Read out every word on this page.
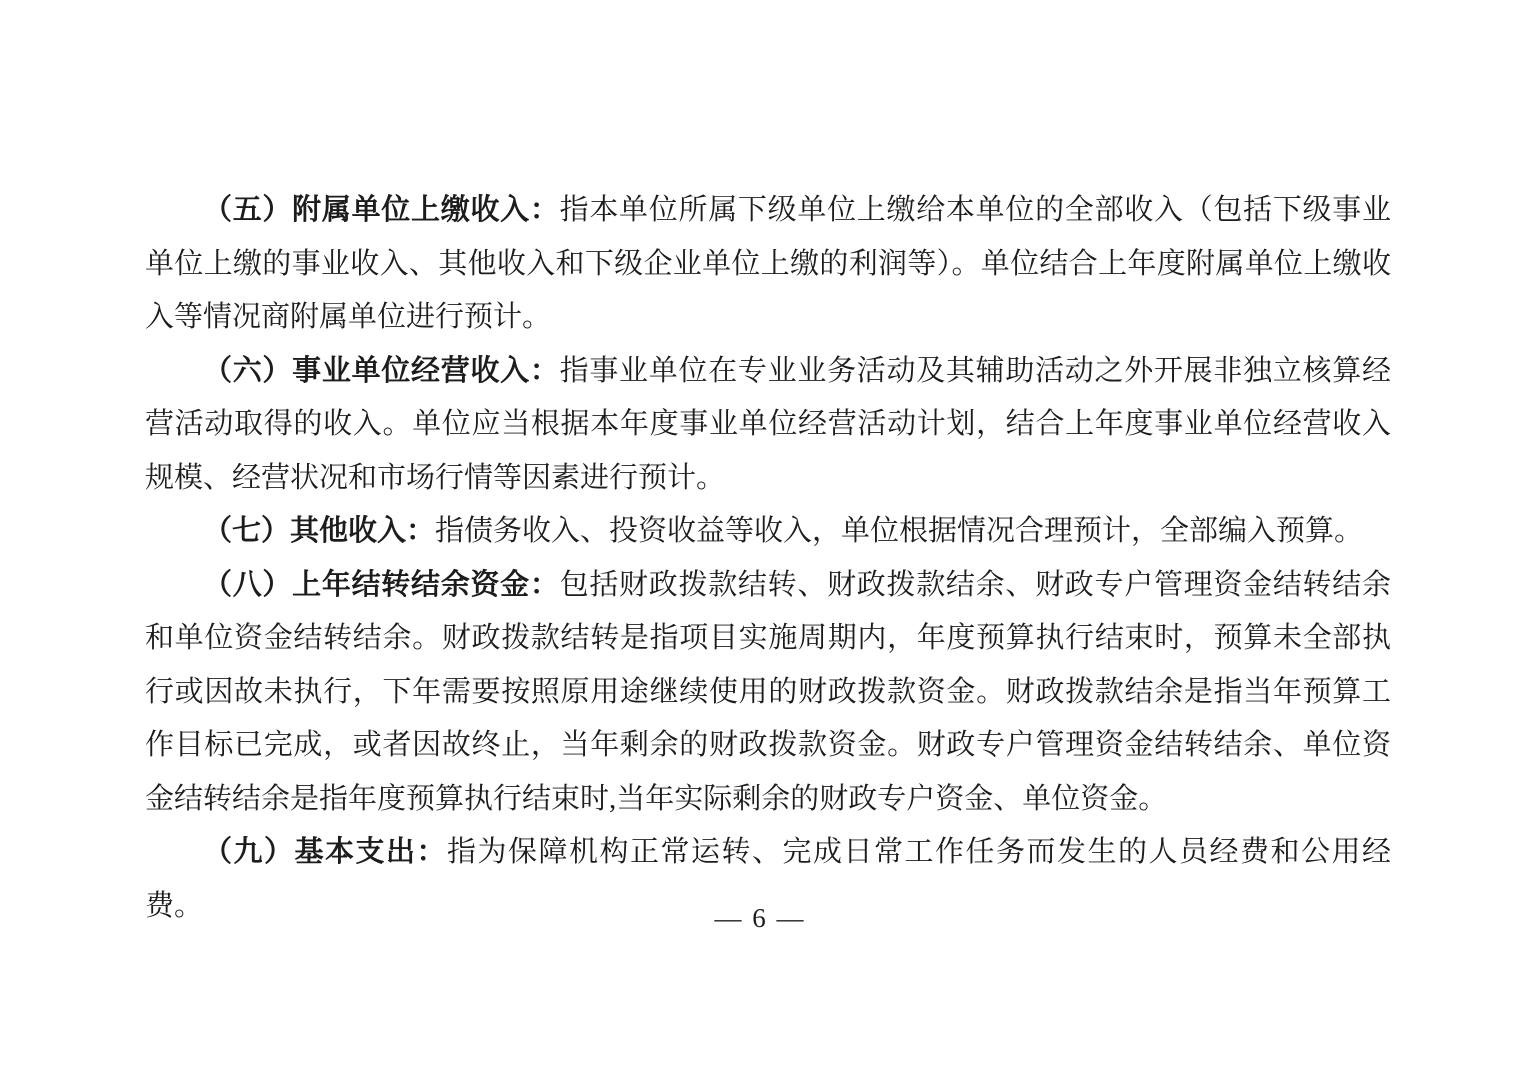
（五）附属单位上缴收入：指本单位所属下级单位上缴给本单位的全部收入（包括下级事业单位上缴的事业收入、其他收入和下级企业单位上缴的利润等）。单位结合上年度附属单位上缴收入等情况商附属单位进行预计。

（六）事业单位经营收入：指事业单位在专业业务活动及其辅助活动之外开展非独立核算经营活动取得的收入。单位应当根据本年度事业单位经营活动计划，结合上年度事业单位经营收入规模、经营状况和市场行情等因素进行预计。

（七）其他收入：指债务收入、投资收益等收入，单位根据情况合理预计，全部编入预算。

（八）上年结转结余资金：包括财政拨款结转、财政拨款结余、财政专户管理资金结转结余和单位资金结转结余。财政拨款结转是指项目实施周期内，年度预算执行结束时，预算未全部执行或因故未执行，下年需要按照原用途继续使用的财政拨款资金。财政拨款结余是指当年预算工作目标已完成，或者因故终止，当年剩余的财政拨款资金。财政专户管理资金结转结余、单位资金结转结余是指年度预算执行结束时,当年实际剩余的财政专户资金、单位资金。

（九）基本支出：指为保障机构正常运转、完成日常工作任务而发生的人员经费和公用经费。	— 6 —
